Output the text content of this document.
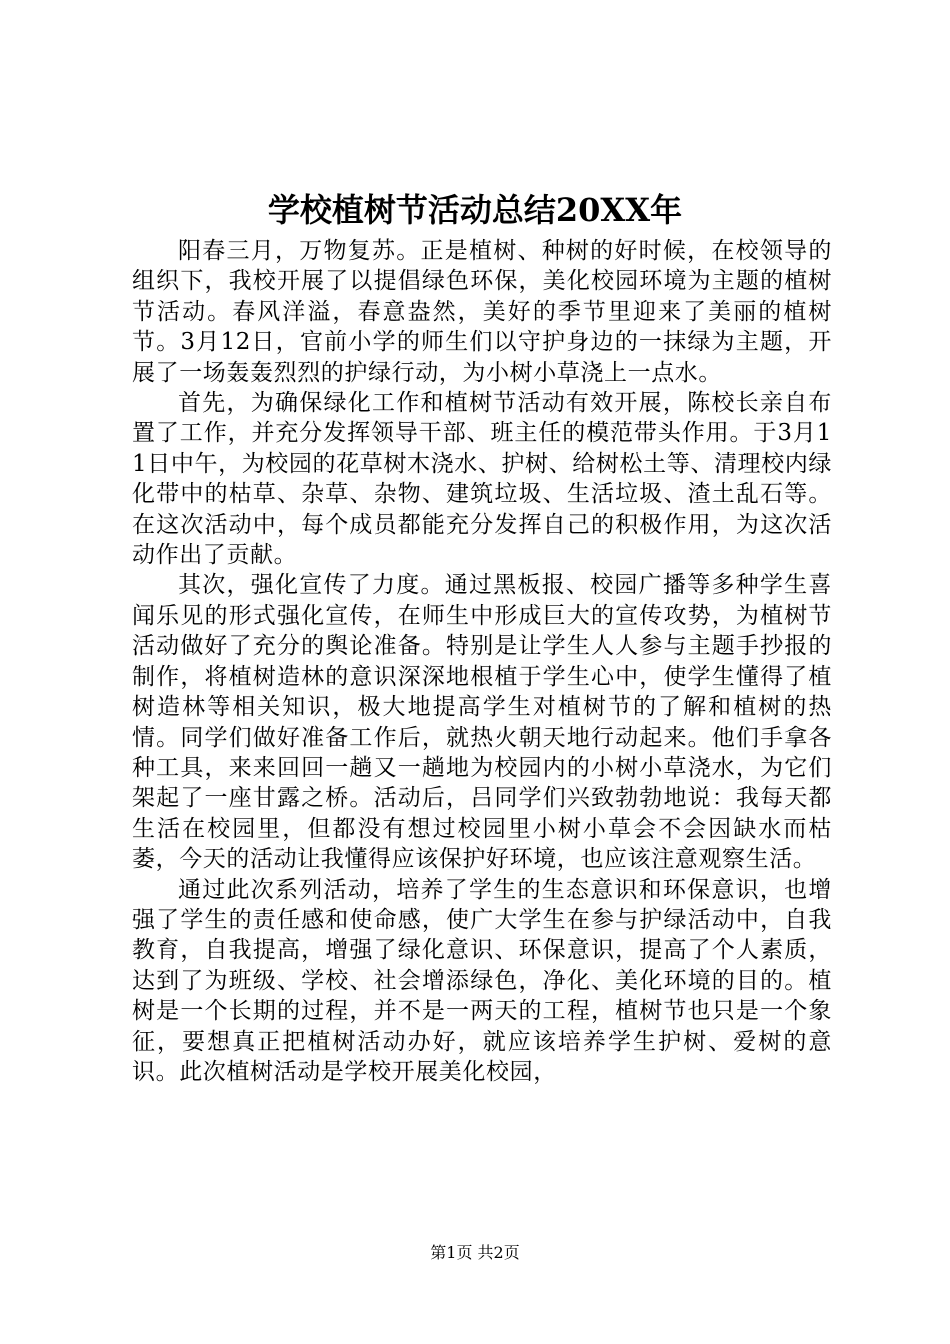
学校植树节活动总结20XX年

阳春三月，万物复苏。正是植树、种树的好时候，在校领导的组织下，我校开展了以提倡绿色环保，美化校园环境为主题的植树节活动。春风洋溢，春意盎然，美好的季节里迎来了美丽的植树节。3月12日，官前小学的师生们以守护身边的一抹绿为主题，开展了一场轰轰烈烈的护绿行动，为小树小草浇上一点水。

首先，为确保绿化工作和植树节活动有效开展，陈校长亲自布置了工作，并充分发挥领导干部、班主任的模范带头作用。于3月11日中午，为校园的花草树木浇水、护树、给树松土等、清理校内绿化带中的枯草、杂草、杂物、建筑垃圾、生活垃圾、渣土乱石等。在这次活动中，每个成员都能充分发挥自己的积极作用，为这次活动作出了贡献。

其次，强化宣传了力度。通过黑板报、校园广播等多种学生喜闻乐见的形式强化宣传，在师生中形成巨大的宣传攻势，为植树节活动做好了充分的舆论准备。特别是让学生人人参与主题手抄报的制作，将植树造林的意识深深地根植于学生心中，使学生懂得了植树造林等相关知识，极大地提高学生对植树节的了解和植树的热情。同学们做好准备工作后，就热火朝天地行动起来。他们手拿各种工具，来来回回一趟又一趟地为校园内的小树小草浇水，为它们架起了一座甘露之桥。活动后，吕同学们兴致勃勃地说：我每天都生活在校园里，但都没有想过校园里小树小草会不会因缺水而枯萎，今天的活动让我懂得应该保护好环境，也应该注意观察生活。

通过此次系列活动，培养了学生的生态意识和环保意识，也增强了学生的责任感和使命感，使广大学生在参与护绿活动中，自我教育，自我提高，增强了绿化意识、环保意识，提高了个人素质，达到了为班级、学校、社会增添绿色，净化、美化环境的目的。植树是一个长期的过程，并不是一两天的工程，植树节也只是一个象征，要想真正把植树活动办好，就应该培养学生护树、爱树的意识。此次植树活动是学校开展美化校园，

第1页 共2页
